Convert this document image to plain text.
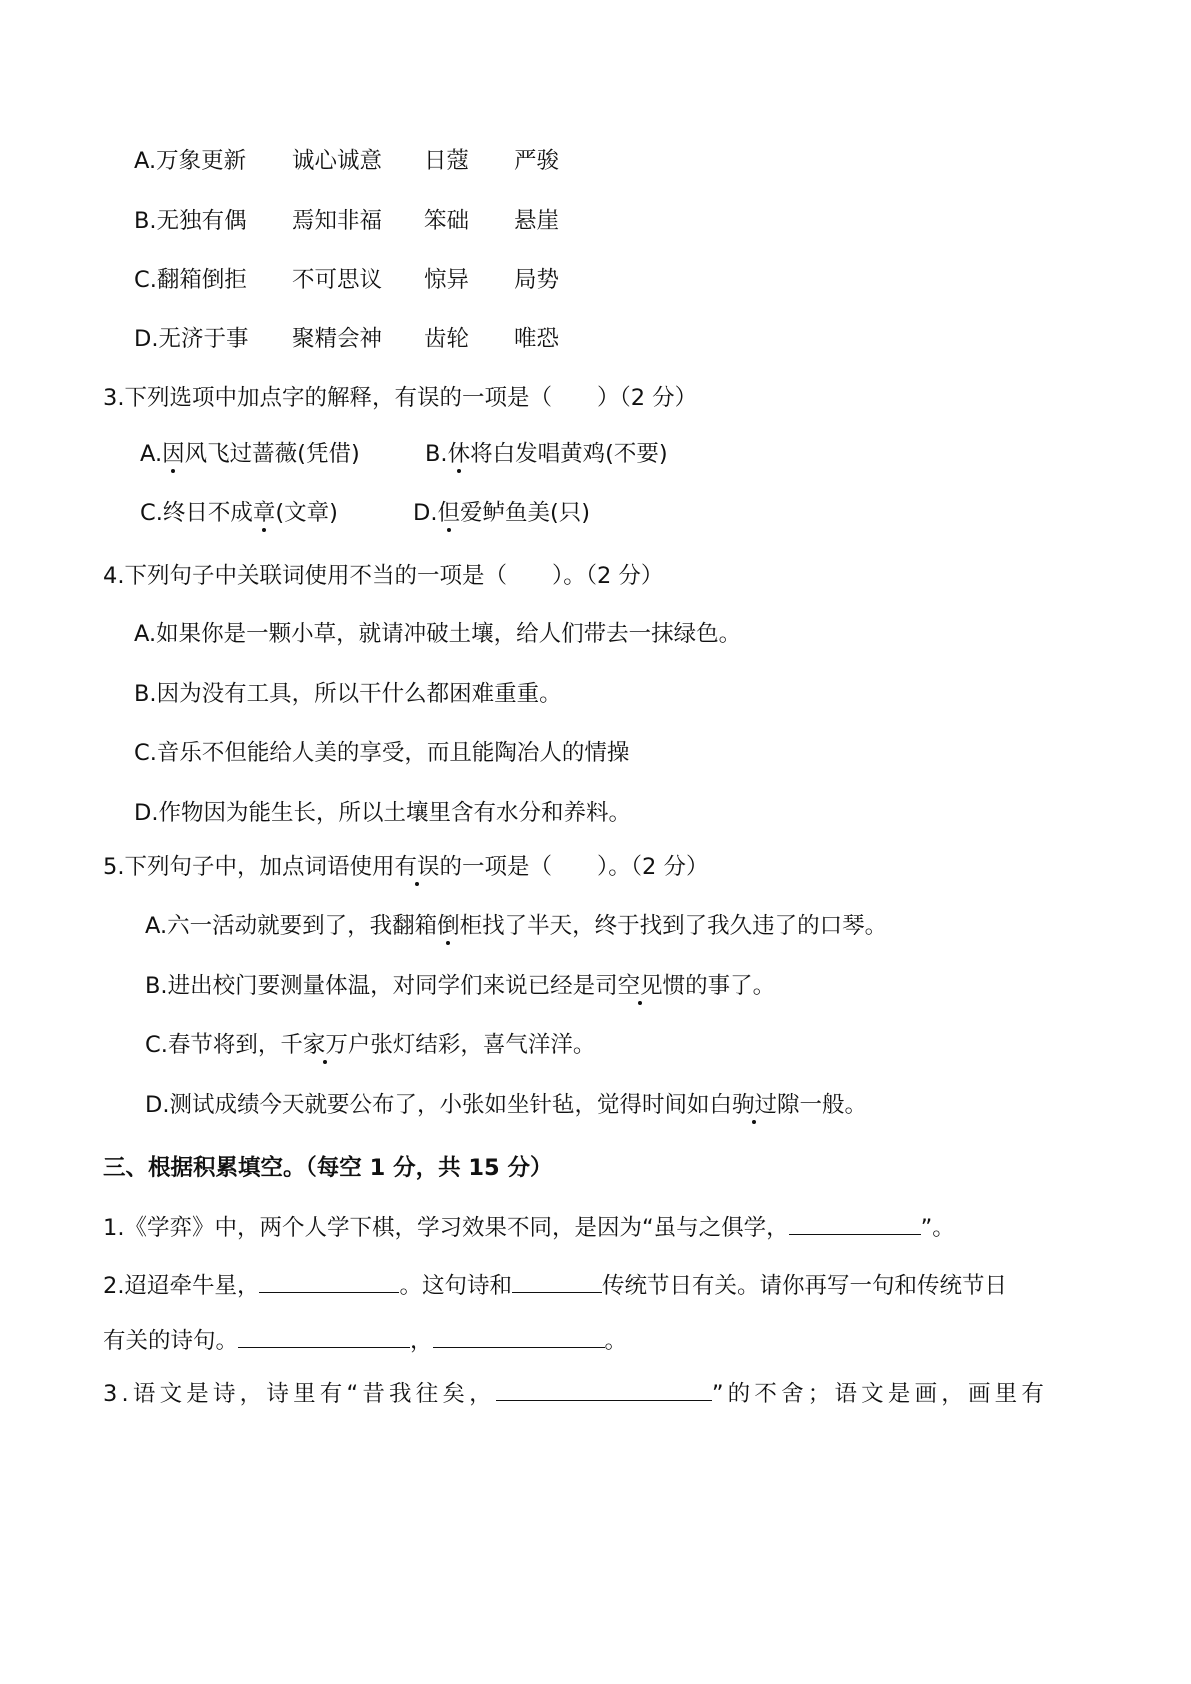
A.万象更新	诚心诚意	日蔻	严骏
B.无独有偶	焉知非福	笨础	悬崖
C.翻箱倒拒	不可思议	惊异	局势
D.无济于事	聚精会神	齿轮	唯恐
3.下列选项中加点字的解释，有误的一项是（　　）（2 分）
A.因风飞过蔷薇(凭借)	B.休将白发唱黄鸡(不要)
C.终日不成章(文章)	D.但爱鲈鱼美(只)
4.下列句子中关联词使用不当的一项是（　　）。（2 分）
A.如果你是一颗小草，就请冲破土壤，给人们带去一抹绿色。
B.因为没有工具，所以干什么都困难重重。
C.音乐不但能给人美的享受，而且能陶冶人的情操
D.作物因为能生长，所以土壤里含有水分和养料。
5.下列句子中，加点词语使用有误的一项是（　　）。（2 分）
A.六一活动就要到了，我翻箱倒柜找了半天，终于找到了我久违了的口琴。
B.进出校门要测量体温，对同学们来说已经是司空见惯的事了。
C.春节将到，千家万户张灯结彩，喜气洋洋。
D.测试成绩今天就要公布了，小张如坐针毡，觉得时间如白驹过隙一般。
三、根据积累填空。（每空 1 分，共 15 分）
1.《学弈》中，两个人学下棋，学习效果不同，是因为“虽与之俱学，	”。
2.迢迢牵牛星，	。这句诗和	传统节日有关。请你再写一句和传统节日
有关的诗句。	，	。
3.语文是诗，诗里有“昔我往矣，	”的不舍；语文是画，画里有
